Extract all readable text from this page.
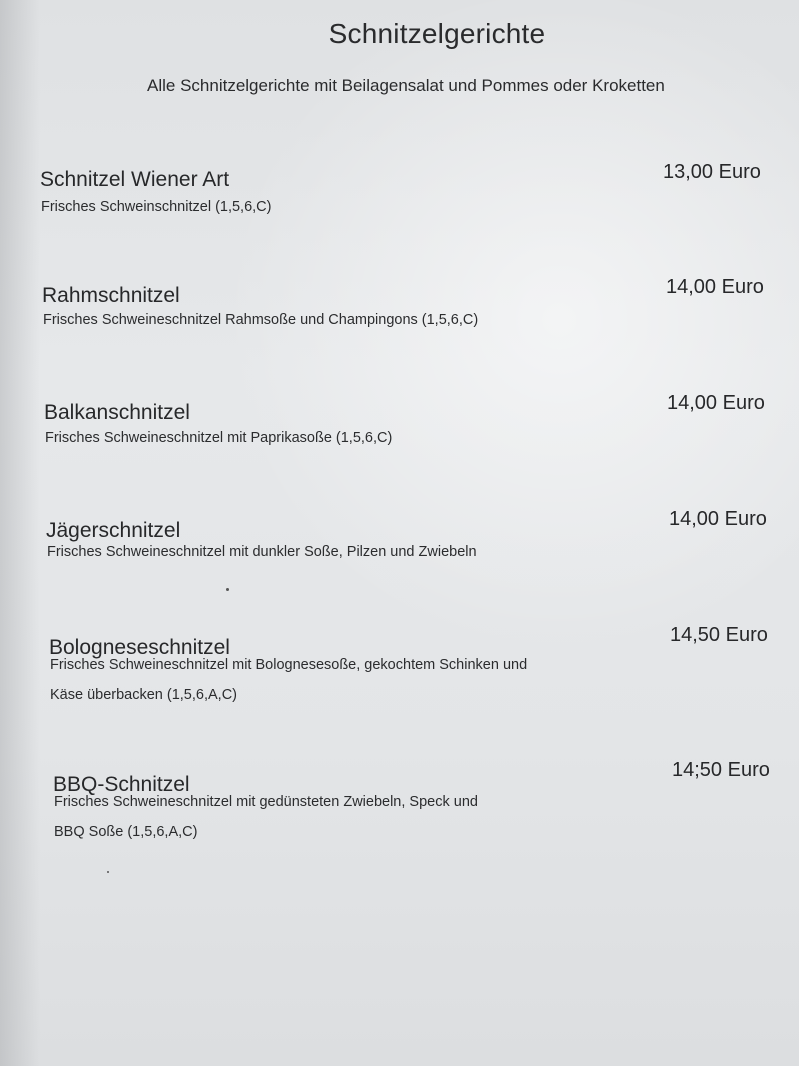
Schnitzelgerichte
Alle Schnitzelgerichte mit Beilagensalat und Pommes oder Kroketten
Schnitzel Wiener Art
Frisches Schweinschnitzel (1,5,6,C)
13,00 Euro
Rahmschnitzel
Frisches Schweineschnitzel Rahmsoße und Champingons (1,5,6,C)
14,00 Euro
Balkanschnitzel
Frisches Schweineschnitzel mit Paprikasoße (1,5,6,C)
14,00 Euro
Jägerschnitzel
Frisches Schweineschnitzel mit dunkler Soße, Pilzen und Zwiebeln
14,00 Euro
Bologneseschnitzel
Frisches Schweineschnitzel mit Bolognesesoße, gekochtem Schinken und
Käse überbacken (1,5,6,A,C)
14,50 Euro
BBQ-Schnitzel
Frisches Schweineschnitzel mit gedünsteten Zwiebeln, Speck und
BBQ Soße (1,5,6,A,C)
14;50 Euro
